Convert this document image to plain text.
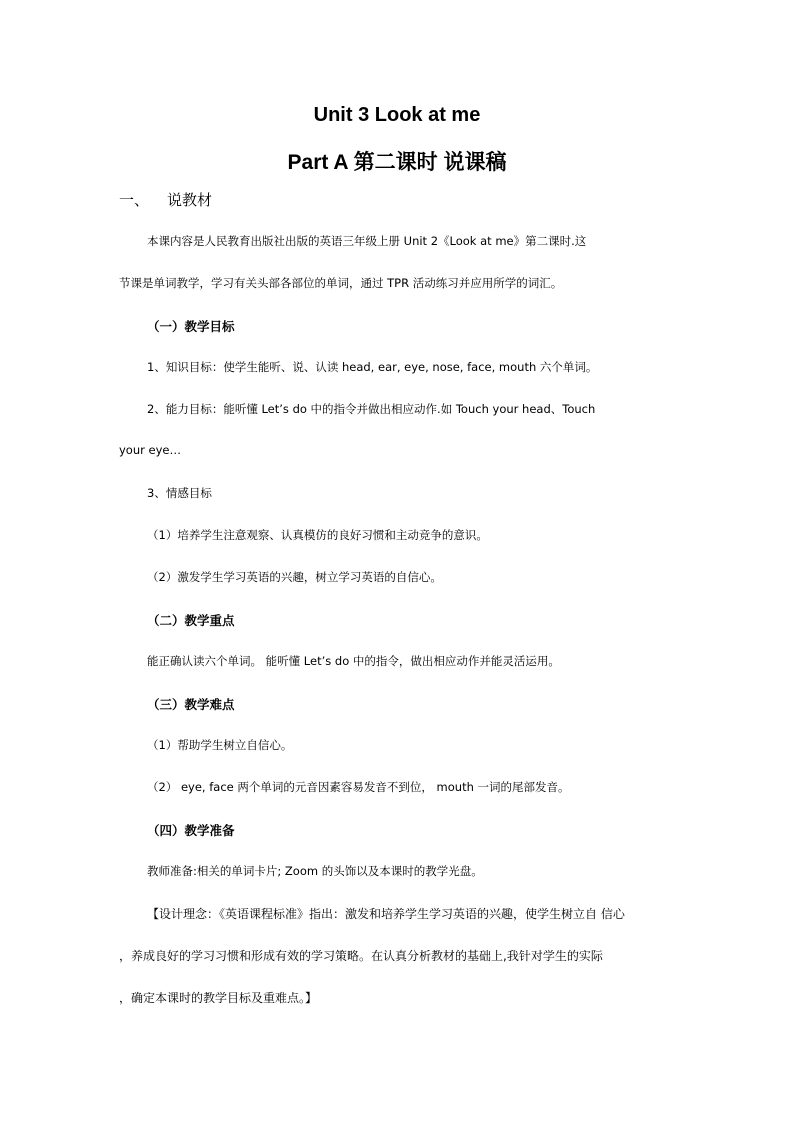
Unit 3 Look at me
Part A 第二课时 说课稿
一、 说教材
本课内容是人民教育出版社出版的英语三年级上册 Unit 2《Look at me》第二课时.这
节课是单词教学，学习有关头部各部位的单词，通过 TPR 活动练习并应用所学的词汇。
（一）教学目标
1、知识目标：使学生能听、说、认读 head, ear, eye, nose, face, mouth 六个单词。
2、能力目标：能听懂 Let’s do 中的指令并做出相应动作.如 Touch your head、Touch
your eye…
3、情感目标
（1）培养学生注意观察、认真模仿的良好习惯和主动竞争的意识。
（2）激发学生学习英语的兴趣，树立学习英语的自信心。
（二）教学重点
能正确认读六个单词。 能听懂 Let’s do 中的指令，做出相应动作并能灵活运用。
（三）教学难点
（1）帮助学生树立自信心。
（2） eye, face 两个单词的元音因素容易发音不到位， mouth 一词的尾部发音。
（四）教学准备
教师准备:相关的单词卡片; Zoom 的头饰以及本课时的教学光盘。
【设计理念：《英语课程标准》指出：激发和培养学生学习英语的兴趣，使学生树立自 信心
，养成良好的学习习惯和形成有效的学习策略。在认真分析教材的基础上,我针对学生的实际
，确定本课时的教学目标及重难点。】
